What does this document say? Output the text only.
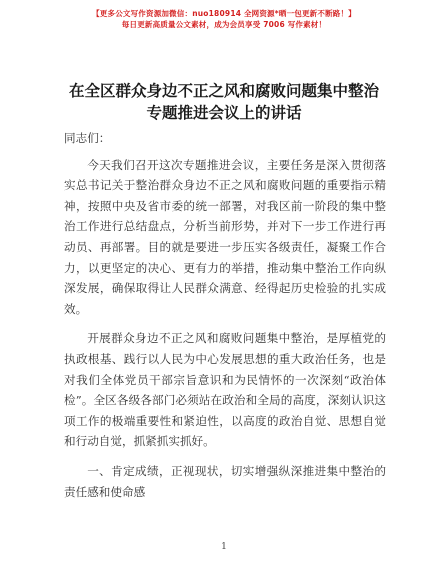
【更多公文写作资源加微信：nuo180914 全网资源*晒一包更新不断路！】
每日更新高质量公文素材，成为会员享受 7006 写作素材！
在全区群众身边不正之风和腐败问题集中整治
专题推进会议上的讲话

同志们：

今天我们召开这次专题推进会议，主要任务是深入贯彻落实总书记关于整治群众身边不正之风和腐败问题的重要指示精神，按照中央及省市委的统一部署，对我区前一阶段的集中整治工作进行总结盘点，分析当前形势，并对下一步工作进行再动员、再部署。目的就是要进一步压实各级责任，凝聚工作合力，以更坚定的决心、更有力的举措，推动集中整治工作向纵深发展，确保取得让人民群众满意、经得起历史检验的扎实成效。

开展群众身边不正之风和腐败问题集中整治，是厚植党的执政根基、践行以人民为中心发展思想的重大政治任务，也是对我们全体党员干部宗旨意识和为民情怀的一次深刻“政治体检”。全区各级各部门必须站在政治和全局的高度，深刻认识这项工作的极端重要性和紧迫性，以高度的政治自觉、思想自觉和行动自觉，抓紧抓实抓好。

一、肯定成绩，正视现状，切实增强纵深推进集中整治的责任感和使命感

1
